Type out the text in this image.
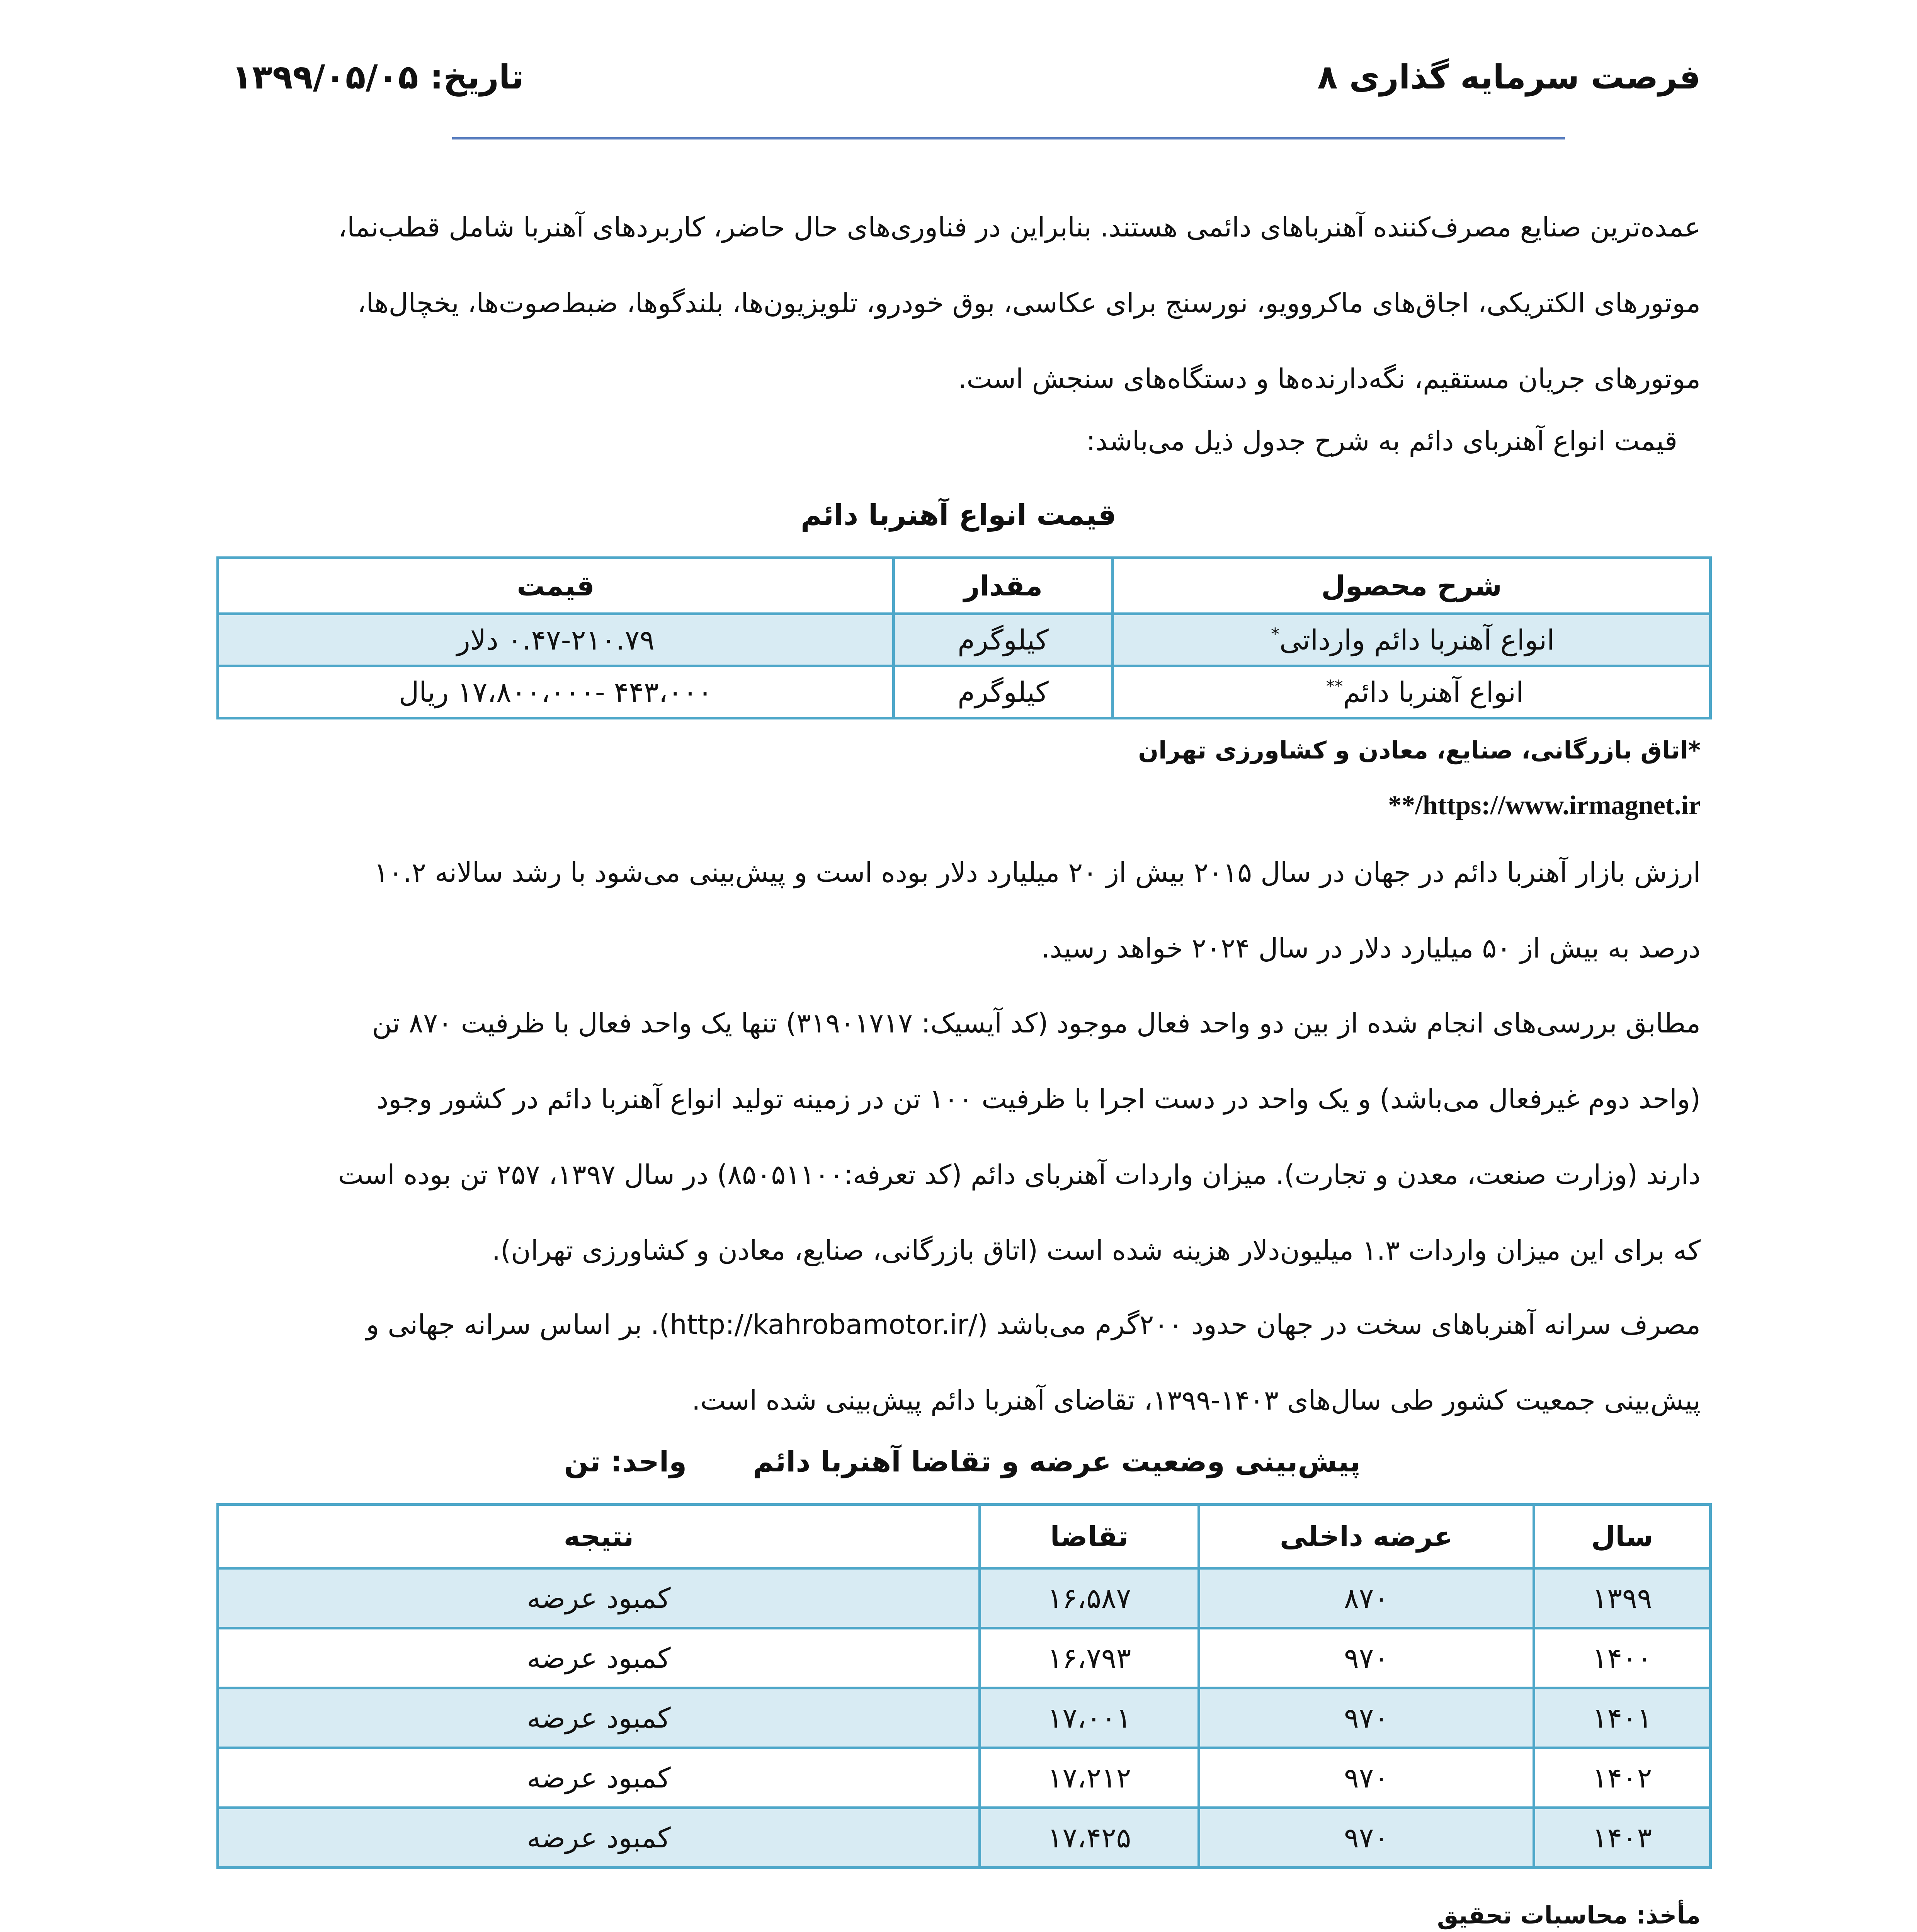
فرصت سرمایه گذاری ۸
تاریخ: ۱۳۹۹/۰۵/۰۵

عمده‌ترین صنایع مصرف‌کننده آهنرباهای دائمی هستند. بنابراین در فناوری‌های حال حاضر، کاربردهای آهنربا شامل قطب‌نما،

موتورهای الکتریکی، اجاق‌های ماکروویو، نورسنج برای عکاسی، بوق خودرو، تلویزیون‌ها، بلندگوها، ضبط‌صوت‌ها، یخچال‌ها،

موتورهای جریان مستقیم، نگه‌دارنده‌ها و دستگاه‌های سنجش است.

قیمت انواع آهنربای دائم به شرح جدول ذیل می‌باشد:
قیمت انواع آهنربا دائم
شرح محصول	مقدار	قیمت
انواع آهنربا دائم وارداتی*	کیلوگرم	۰.۴۷-۲۱۰.۷۹ دلار
انواع آهنربا دائم**	کیلوگرم	۴۴۳،۰۰۰ -۱۷،۸۰۰،۰۰۰ ریال
*اتاق بازرگانی، صنایع، معادن و کشاورزی تهران
**/https://www.irmagnet.ir

ارزش بازار آهنربا دائم در جهان در سال ۲۰۱۵ بیش از ۲۰ میلیارد دلار بوده است و پیش‌بینی می‌شود با رشد سالانه ۱۰.۲

درصد به بیش از ۵۰ میلیارد دلار در سال ۲۰۲۴ خواهد رسید.

مطابق بررسی‌های انجام شده از بین دو واحد فعال موجود (کد آیسیک: ۳۱۹۰۱۷۱۷) تنها یک واحد فعال با ظرفیت ۸۷۰ تن

(واحد دوم غیرفعال می‌باشد) و یک واحد در دست اجرا با ظرفیت ۱۰۰ تن در زمینه تولید انواع آهنربا دائم در کشور وجود

دارند (وزارت صنعت، معدن و تجارت). میزان واردات آهنربای دائم (کد تعرفه:۸۵۰۵۱۱۰۰) در سال ۱۳۹۷، ۲۵۷ تن بوده است

که برای این میزان واردات ۱.۳ میلیون‌دلار هزینه شده است (اتاق بازرگانی، صنایع، معادن و کشاورزی تهران).

مصرف سرانه آهنرباهای سخت در جهان حدود ۲۰۰گرم می‌باشد (/http://kahrobamotor.ir). بر اساس سرانه جهانی و

پیش‌بینی جمعیت کشور طی سال‌های ۱۴۰۳-۱۳۹۹، تقاضای آهنربا دائم پیش‌بینی شده است.

پیش‌بینی وضعیت عرضه و تقاضا آهنربا دائم
واحد: تن
سال	عرضه داخلی	تقاضا	نتیجه
۱۳۹۹	۸۷۰	۱۶،۵۸۷	کمبود عرضه
۱۴۰۰	۹۷۰	۱۶،۷۹۳	کمبود عرضه
۱۴۰۱	۹۷۰	۱۷،۰۰۱	کمبود عرضه
۱۴۰۲	۹۷۰	۱۷،۲۱۲	کمبود عرضه
۱۴۰۳	۹۷۰	۱۷،۴۲۵	کمبود عرضه
مأخذ: محاسبات تحقیق
